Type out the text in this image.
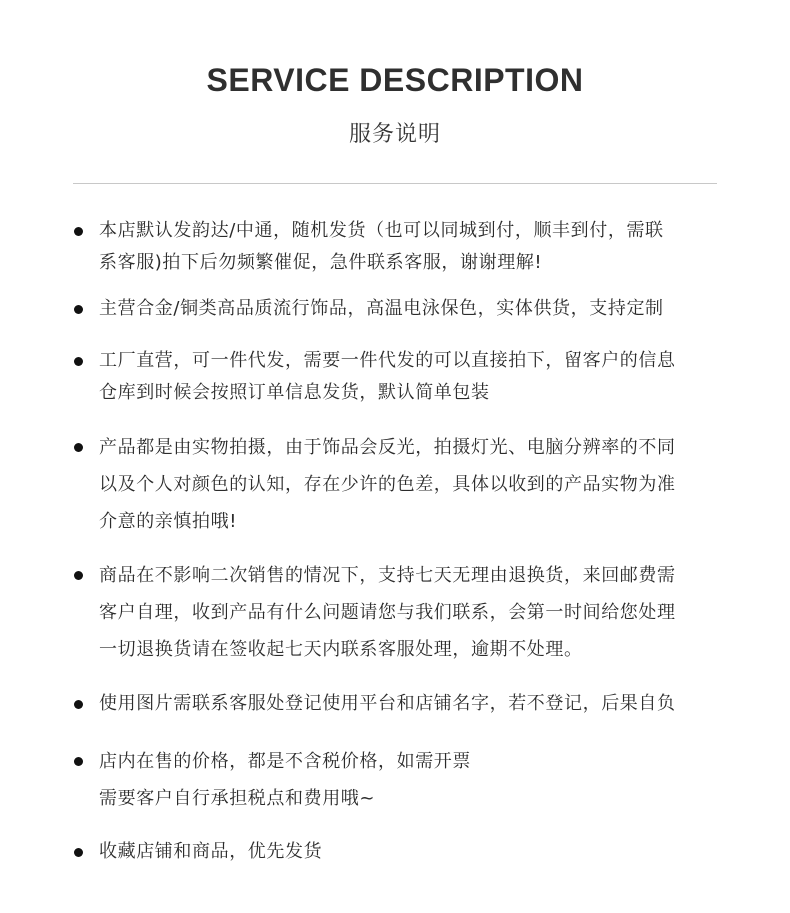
SERVICE DESCRIPTION
服务说明
本店默认发韵达/中通，随机发货（也可以同城到付，顺丰到付，需联
系客服)拍下后勿频繁催促，急件联系客服，谢谢理解!
主营合金/铜类高品质流行饰品，高温电泳保色，实体供货，支持定制
工厂直营，可一件代发，需要一件代发的可以直接拍下，留客户的信息
仓库到时候会按照订单信息发货，默认简单包装
产品都是由实物拍摄，由于饰品会反光，拍摄灯光、电脑分辨率的不同
以及个人对颜色的认知，存在少许的色差，具体以收到的产品实物为准
介意的亲慎拍哦!
商品在不影响二次销售的情况下，支持七天无理由退换货，来回邮费需
客户自理，收到产品有什么问题请您与我们联系，会第一时间给您处理
一切退换货请在签收起七天内联系客服处理，逾期不处理。
使用图片需联系客服处登记使用平台和店铺名字，若不登记，后果自负
店内在售的价格，都是不含税价格，如需开票
需要客户自行承担税点和费用哦~
收藏店铺和商品，优先发货
